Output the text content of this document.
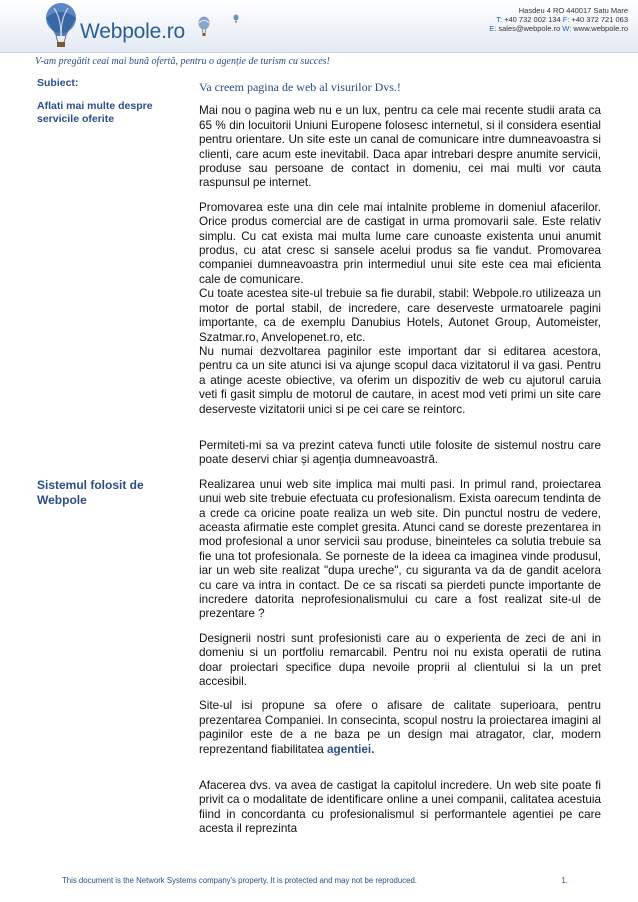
Webpole.ro
Hasdeu 4 RO 440017 Satu Mare
T: +40 732 002 134 F: +40 372 721 063
E: sales@webpole.ro W: www.webpole.ro
V-am pregătit ceai mai bună ofertă, pentru o agenție de turism cu succes!
Subiect:
Aflati mai multe despre servicile oferite
Sistemul folosit de Webpole
Va creem pagina de web al visurilor Dvs.!

Mai nou o pagina web nu e un lux, pentru ca cele mai recente studii arata ca 65 % din locuitorii Uniuni Europene folosesc internetul, si il considera esential pentru orientare. Un site este un canal de comunicare intre dumneavoastra si clienti, care acum este inevitabil. Daca apar intrebari despre anumite servicii, produse sau persoane de contact in domeniu, cei mai multi vor cauta raspunsul pe internet.

Promovarea este una din cele mai intalnite probleme in domeniul afacerilor. Orice produs comercial are de castigat in urma promovarii sale. Este relativ simplu. Cu cat exista mai multa lume care cunoaste existenta unui anumit produs, cu atat cresc si sansele acelui produs sa fie vandut. Promovarea companiei dumneavoastra prin intermediul unui site este cea mai eficienta cale de comunicare.

Cu toate acestea site-ul trebuie sa fie durabil, stabil: Webpole.ro utilizeaza un motor de portal stabil, de incredere, care deserveste urmatoarele pagini importante, ca de exemplu Danubius Hotels, Autonet Group, Automeister, Szatmar.ro, Anvelopenet.ro, etc.

Nu numai dezvoltarea paginilor este important dar si editarea acestora, pentru ca un site atunci isi va ajunge scopul daca vizitatorul il va gasi. Pentru a atinge aceste obiective, va oferim un dispozitiv de web cu ajutorul caruia veti fi gasit simplu de motorul de cautare, in acest mod veti primi un site care deserveste vizitatorii unici si pe cei care se reintorc.

Permiteti-mi sa va prezint cateva functi utile folosite de sistemul nostru care poate deservi chiar și agenția dumneavoastră.

Realizarea unui web site implica mai multi pasi. In primul rand, proiectarea unui web site trebuie efectuata cu profesionalism. Exista oarecum tendinta de a crede ca oricine poate realiza un web site. Din punctul nostru de vedere, aceasta afirmatie este complet gresita. Atunci cand se doreste prezentarea in mod profesional a unor servicii sau produse, bineinteles ca solutia trebuie sa fie una tot profesionala. Se porneste de la ideea ca imaginea vinde produsul, iar un web site realizat "dupa ureche", cu siguranta va da de gandit acelora cu care va intra in contact. De ce sa riscati sa pierdeti puncte importante de incredere datorita neprofesionalismului cu care a fost realizat site-ul de prezentare ?

Designerii nostri sunt profesionisti care au o experienta de zeci de ani in domeniu si un portfoliu remarcabil. Pentru noi nu exista operatii de rutina doar proiectari specifice dupa nevoile proprii al clientului si la un pret accesibil.

Site-ul isi propune sa ofere o afisare de calitate superioara, pentru prezentarea Companiei. In consecinta, scopul nostru la proiectarea imagini al paginilor este de a ne baza pe un design mai atragator, clar, modern reprezentand fiabilitatea agentiei.

Afacerea dvs. va avea de castigat la capitolul incredere. Un web site poate fi privit ca o modalitate de identificare online a unei companii, calitatea acestuia fiind in concordanta cu profesionalismul si performantele agentiei pe care acesta il reprezinta

This document is the Network Systems company's property. It is protected and may not be reproduced.	1.
